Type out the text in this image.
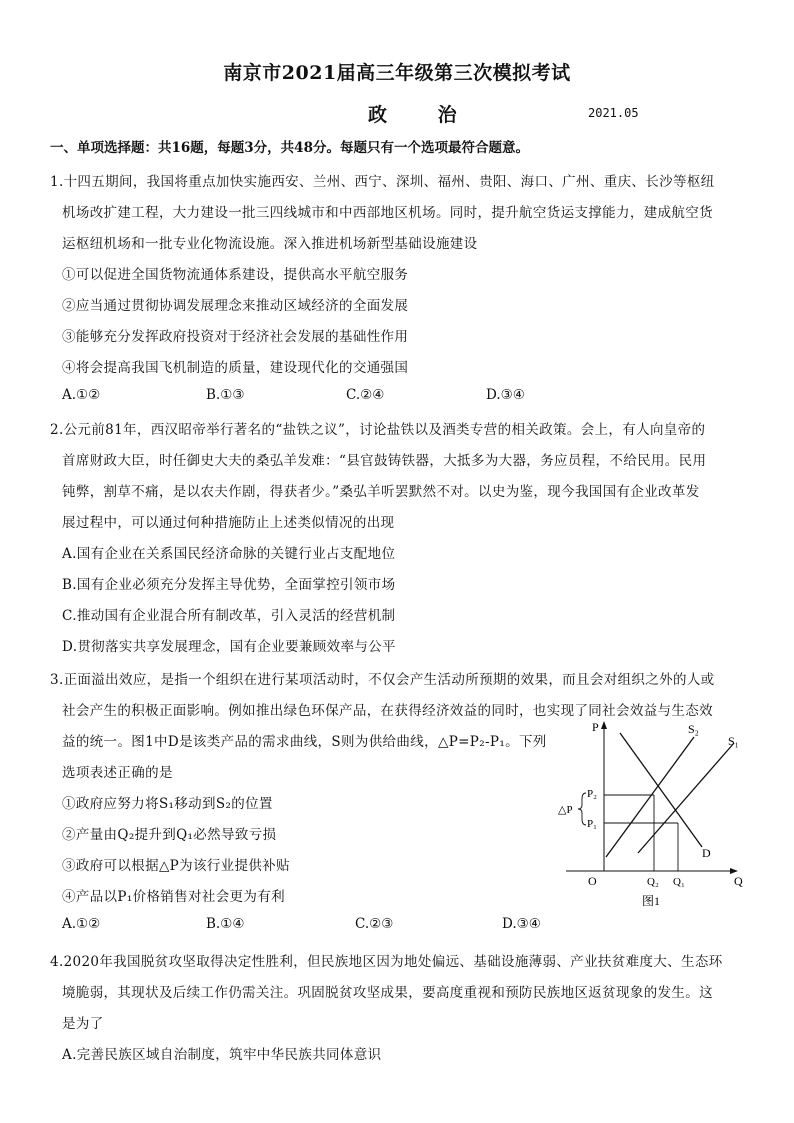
南京市2021届高三年级第三次模拟考试
政 治	2021.05
一、单项选择题：共16题，每题3分，共48分。每题只有一个选项最符合题意。
1.十四五期间，我国将重点加快实施西安、兰州、西宁、深圳、福州、贵阳、海口、广州、重庆、长沙等枢纽
机场改扩建工程，大力建设一批三四线城市和中西部地区机场。同时，提升航空货运支撑能力，建成航空货
运枢纽机场和一批专业化物流设施。深入推进机场新型基础设施建设
①可以促进全国货物流通体系建设，提供高水平航空服务
②应当通过贯彻协调发展理念来推动区域经济的全面发展
③能够充分发挥政府投资对于经济社会发展的基础性作用
④将会提高我国飞机制造的质量，建设现代化的交通强国
A.①②	B.①③	C.②④	D.③④
2.公元前81年，西汉昭帝举行著名的“盐铁之议”，讨论盐铁以及酒类专营的相关政策。会上，有人向皇帝的
首席财政大臣，时任御史大夫的桑弘羊发难：“县官鼓铸铁器，大抵多为大器，务应员程，不给民用。民用
钝弊，割草不痛，是以农夫作剧，得获者少。”桑弘羊听罢默然不对。以史为鉴，现今我国国有企业改革发
展过程中，可以通过何种措施防止上述类似情况的出现
A.国有企业在关系国民经济命脉的关键行业占支配地位
B.国有企业必须充分发挥主导优势，全面掌控引领市场
C.推动国有企业混合所有制改革，引入灵活的经营机制
D.贯彻落实共享发展理念，国有企业要兼顾效率与公平
3.正面溢出效应，是指一个组织在进行某项活动时，不仅会产生活动所预期的效果，而且会对组织之外的人或
社会产生的积极正面影响。例如推出绿色环保产品，在获得经济效益的同时，也实现了同社会效益与生态效
益的统一。图1中D是该类产品的需求曲线，S则为供给曲线，△P=P₂-P₁。下列
选项表述正确的是
①政府应努力将S₁移动到S₂的位置
②产量由Q₂提升到Q₁必然导致亏损
③政府可以根据△P为该行业提供补贴
④产品以P₁价格销售对社会更为有利
A.①②	B.①④	C.②③	D.③④
P	S₂
S₁
P₂
P₁
△P
D
O	Q₂ Q₁	Q
图1
4.2020年我国脱贫攻坚取得决定性胜利，但民族地区因为地处偏远、基础设施薄弱、产业扶贫难度大、生态环
境脆弱，其现状及后续工作仍需关注。巩固脱贫攻坚成果，要高度重视和预防民族地区返贫现象的发生。这
是为了
A.完善民族区域自治制度，筑牢中华民族共同体意识
